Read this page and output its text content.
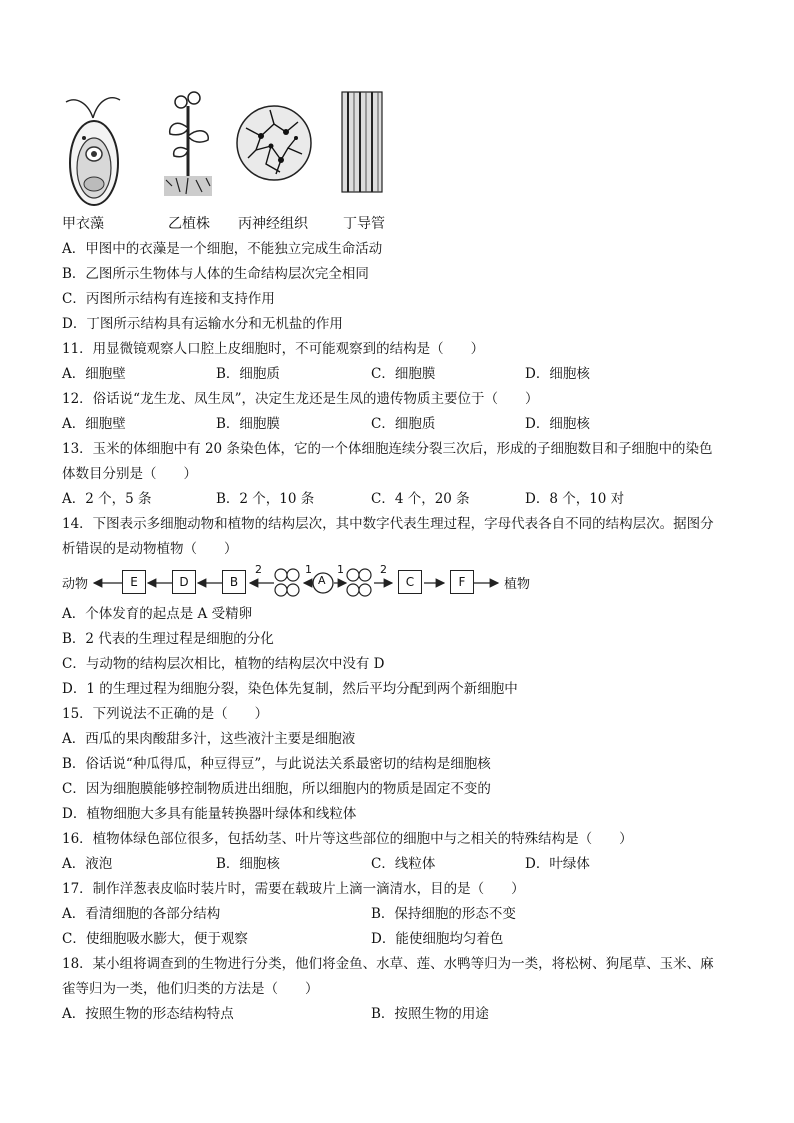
甲衣藻	乙植株 丙神经组织	丁导管
A．甲图中的衣藻是一个细胞，不能独立完成生命活动
B．乙图所示生物体与人体的生命结构层次完全相同
C．丙图所示结构有连接和支持作用
D．丁图所示结构具有运输水分和无机盐的作用
11．用显微镜观察人口腔上皮细胞时，不可能观察到的结构是（　　）
A．细胞壁	B．细胞质	C．细胞膜	D．细胞核
12．俗话说“龙生龙、凤生凤”，决定生龙还是生凤的遗传物质主要位于（　　）
A．细胞壁	B．细胞膜	C．细胞质	D．细胞核
13．玉米的体细胞中有 20 条染色体，它的一个体细胞连续分裂三次后，形成的子细胞数目和子细胞中的染色
体数目分别是（　　）
A．2 个，5 条	B．2 个，10 条	C．4 个，20 条	D．8 个，10 对
14．下图表示多细胞动物和植物的结构层次，其中数字代表生理过程，字母代表各自不同的结构层次。据图分
析错误的是动物植物（　　）
动物	E	D	B	A	C	F
2	1 1	2
植物
A．个体发育的起点是 A 受精卵
B．2 代表的生理过程是细胞的分化
C．与动物的结构层次相比，植物的结构层次中没有 D
D．1 的生理过程为细胞分裂，染色体先复制，然后平均分配到两个新细胞中
15．下列说法不正确的是（　　）
A．西瓜的果肉酸甜多汁，这些液汁主要是细胞液
B．俗话说“种瓜得瓜，种豆得豆”，与此说法关系最密切的结构是细胞核
C．因为细胞膜能够控制物质进出细胞，所以细胞内的物质是固定不变的
D．植物细胞大多具有能量转换器叶绿体和线粒体
16．植物体绿色部位很多，包括幼茎、叶片等这些部位的细胞中与之相关的特殊结构是（　　）
A．液泡	B．细胞核	C．线粒体	D．叶绿体
17．制作洋葱表皮临时装片时，需要在载玻片上滴一滴清水，目的是（　　）
A．看清细胞的各部分结构	B．保持细胞的形态不变
C．使细胞吸水膨大，便于观察	D．能使细胞均匀着色
18．某小组将调查到的生物进行分类，他们将金鱼、水草、莲、水鸭等归为一类，将松树、狗尾草、玉米、麻
雀等归为一类，他们归类的方法是（　　）
A．按照生物的形态结构特点	B．按照生物的用途
